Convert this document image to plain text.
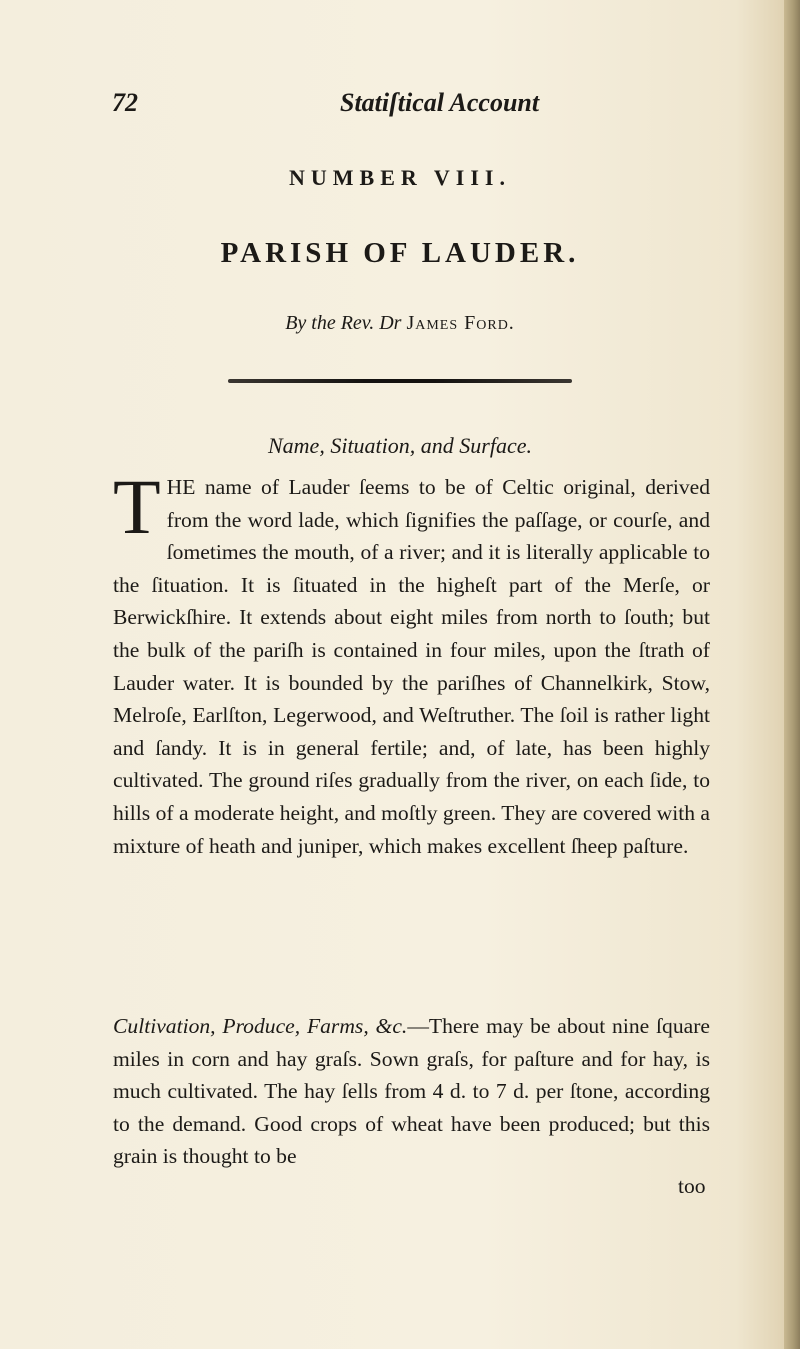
72	Statiſtical Account
NUMBER VIII.
PARISH OF LAUDER.
By the Rev. Dr James Ford.
Name, Situation, and Surface.
THE name of Lauder ſeems to be of Celtic original, derived from the word lade, which ſignifies the paſſage, or courſe, and ſometimes the mouth, of a river; and it is literally applicable to the ſituation. It is ſituated in the higheſt part of the Merſe, or Berwickſhire. It extends about eight miles from north to ſouth; but the bulk of the pariſh is contained in four miles, upon the ſtrath of Lauder water. It is bounded by the pariſhes of Channelkirk, Stow, Melroſe, Earlſton, Legerwood, and Weſtruther. The ſoil is rather light and ſandy. It is in general fertile; and, of late, has been highly cultivated. The ground riſes gradually from the river, on each ſide, to hills of a moderate height, and moſtly green. They are covered with a mixture of heath and juniper, which makes excellent ſheep paſture.
Cultivation, Produce, Farms, &c.—There may be about nine ſquare miles in corn and hay graſs. Sown graſs, for paſture and for hay, is much cultivated. The hay ſells from 4 d. to 7 d. per ſtone, according to the demand. Good crops of wheat have been produced; but this grain is thought to be
too
